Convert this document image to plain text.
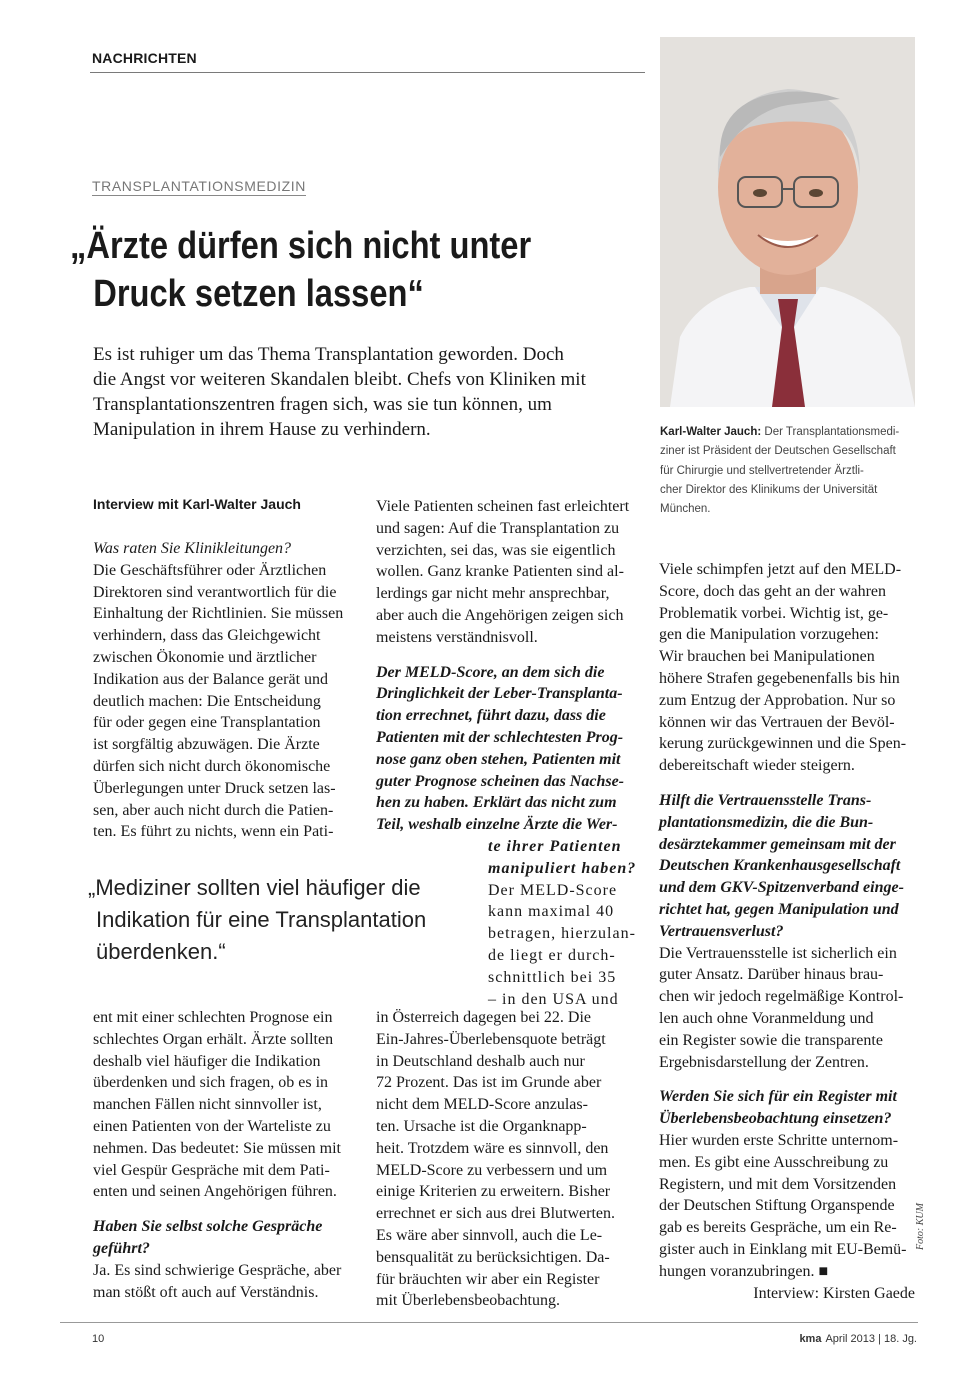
NACHRICHTEN
TRANSPLANTATIONSMEDIZIN
„Ärzte dürfen sich nicht unter
Druck setzen lassen“
Es ist ruhiger um das Thema Transplantation geworden. Doch
die Angst vor weiteren Skandalen bleibt. Chefs von Kliniken mit
Transplantationszentren fragen sich, was sie tun können, um
Manipulation in ihrem Hause zu verhindern.	Karl-Walter Jauch: Der Transplantationsmedi-
ziner ist Präsident der Deutschen Gesellschaft
für Chirurgie und stellvertretender Ärztli-
cher Direktor des Klinikums der Universität
München.
Interview mit Karl-Walter Jauch
Was raten Sie Klinikleitungen?
Die Geschäftsführer oder Ärztlichen
Direktoren sind verantwortlich für die
Einhaltung der Richtlinien. Sie müssen
verhindern, dass das Gleichgewicht
zwischen Ökonomie und ärztlicher
Indikation aus der Balance gerät und
deutlich machen: Die Entscheidung
für oder gegen eine Transplantation
ist sorgfältig abzuwägen. Die Ärzte
dürfen sich nicht durch ökonomische
Überlegungen unter Druck setzen las-
sen, aber auch nicht durch die Patien-
ten. Es führt zu nichts, wenn ein Pati-
„Mediziner sollten viel häufiger die
Indikation für eine Transplantation
überdenken.“
ent mit einer schlechten Prognose ein
schlechtes Organ erhält. Ärzte sollten
deshalb viel häufiger die Indikation
überdenken und sich fragen, ob es in
manchen Fällen nicht sinnvoller ist,
einen Patienten von der Warteliste zu
nehmen. Das bedeutet: Sie müssen mit
viel Gespür Gespräche mit dem Pati-
enten und seinen Angehörigen führen.
Haben Sie selbst solche Gespräche
geführt?
Ja. Es sind schwierige Gespräche, aber
man stößt oft auch auf Verständnis.
Viele Patienten scheinen fast erleichtert
und sagen: Auf die Transplantation zu
verzichten, sei das, was sie eigentlich
wollen. Ganz kranke Patienten sind al-
lerdings gar nicht mehr ansprechbar,
aber auch die Angehörigen zeigen sich
meistens verständnisvoll.
Der MELD-Score, an dem sich die
Dringlichkeit der Leber-Transplanta-
tion errechnet, führt dazu, dass die
Patienten mit der schlechtesten Prog-
nose ganz oben stehen, Patienten mit
guter Prognose scheinen das Nachse-
hen zu haben. Erklärt das nicht zum
Teil, weshalb einzelne Ärzte die Wer-
te ihrer Patienten
manipuliert haben?
Der MELD-Score
kann maximal 40
betragen, hierzulan-
de liegt er durch-
schnittlich bei 35
– in den USA und
in Österreich dagegen bei 22. Die
Ein-Jahres-Überlebensquote beträgt
in Deutschland deshalb auch nur
72 Prozent. Das ist im Grunde aber
nicht dem MELD-Score anzulas-
ten. Ursache ist die Organknapp-
heit. Trotzdem wäre es sinnvoll, den
MELD-Score zu verbessern und um
einige Kriterien zu erweitern. Bisher
errechnet er sich aus drei Blutwerten.
Es wäre aber sinnvoll, auch die Le-
bensqualität zu berücksichtigen. Da-
für bräuchten wir aber ein Register
mit Überlebensbeobachtung.
Viele schimpfen jetzt auf den MELD-
Score, doch das geht an der wahren
Problematik vorbei. Wichtig ist, ge-
gen die Manipulation vorzugehen:
Wir brauchen bei Manipulationen
höhere Strafen gegebenenfalls bis hin
zum Entzug der Approbation. Nur so
können wir das Vertrauen der Bevöl-
kerung zurückgewinnen und die Spen-
debereitschaft wieder steigern.
Hilft die Vertrauensstelle Trans-
plantationsmedizin, die die Bun-
desärztekammer gemeinsam mit der
Deutschen Krankenhausgesellschaft
und dem GKV-Spitzenverband einge-
richtet hat, gegen Manipulation und
Vertrauensverlust?
Die Vertrauensstelle ist sicherlich ein
guter Ansatz. Darüber hinaus brau-
chen wir jedoch regelmäßige Kontrol-
len auch ohne Voranmeldung und
ein Register sowie die transparente
Ergebnisdarstellung der Zentren.
Werden Sie sich für ein Register mit
Überlebensbeobachtung einsetzen?
Hier wurden erste Schritte unternom-
men. Es gibt eine Ausschreibung zu
Registern, und mit dem Vorsitzenden
der Deutschen Stiftung Organspende
gab es bereits Gespräche, um ein Re-
gister auch in Einklang mit EU-Bemü-
hungen voranzubringen. ■
Interview: Kirsten Gaede
Foto: KUM
10	kma April 2013 | 18. Jg.
